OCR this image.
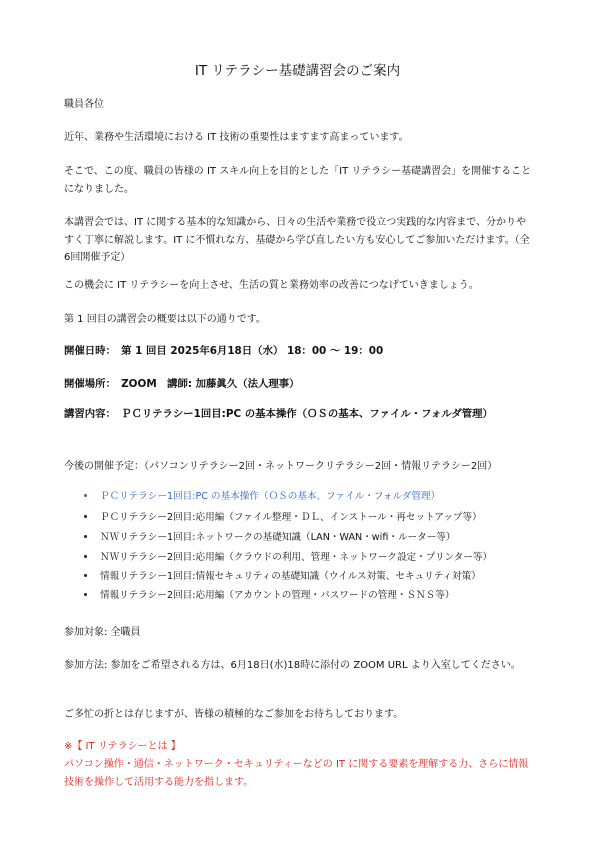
IT リテラシー基礎講習会のご案内

職員各位

近年、業務や生活環境における IT 技術の重要性はますます高まっています。

そこで、この度、職員の皆様の IT スキル向上を目的とした「IT リテラシー基礎講習会」を開催することになりました。

本講習会では、IT に関する基本的な知識から、日々の生活や業務で役立つ実践的な内容まで、分かりやすく丁寧に解説します。IT に不慣れな方、基礎から学び直したい方も安心してご参加いただけます。（全6回開催予定）

この機会に IT リテラシーを向上させ、生活の質と業務効率の改善につなげていきましょう。

第 1 回目の講習会の概要は以下の通りです。

開催日時：　第 1 回目 2025年6月18日（水） 18：00 ～ 19：00

開催場所：　ZOOM　講師: 加藤眞久（法人理事）

講習内容：　ＰＣリテラシー1回目:PC の基本操作（ＯＳの基本、ファイル・フォルダ管理）

今後の開催予定：（パソコンリテラシー2回・ネットワークリテラシー2回・情報リテラシー2回）

ＰＣリテラシー1回目:PC の基本操作（ＯＳの基本、ファイル・フォルダ管理）
ＰＣリテラシー2回目:応用編（ファイル整理・ＤＬ、インストール・再セットアップ等）
ＮＷリテラシー1回目:ネットワークの基礎知識（LAN・WAN・wifi・ルーター等）
ＮＷリテラシー2回目:応用編（クラウドの利用、管理・ネットワーク設定・プリンター等）
情報リテラシー1回目:情報セキュリティの基礎知識（ウイルス対策、セキュリティ対策）
情報リテラシー2回目:応用編（アカウントの管理・パスワードの管理・ＳＮＳ等）

参加対象: 全職員

参加方法: 参加をご希望される方は、6月18日(水)18時に添付の ZOOM URL より入室してください。

ご多忙の折とは存じますが、皆様の積極的なご参加をお待ちしております。

※【 IT リテラシーとは 】

パソコン操作・通信・ネットワーク・セキュリティーなどの IT に関する要素を理解する力、さらに情報技術を操作して活用する能力を指します。
